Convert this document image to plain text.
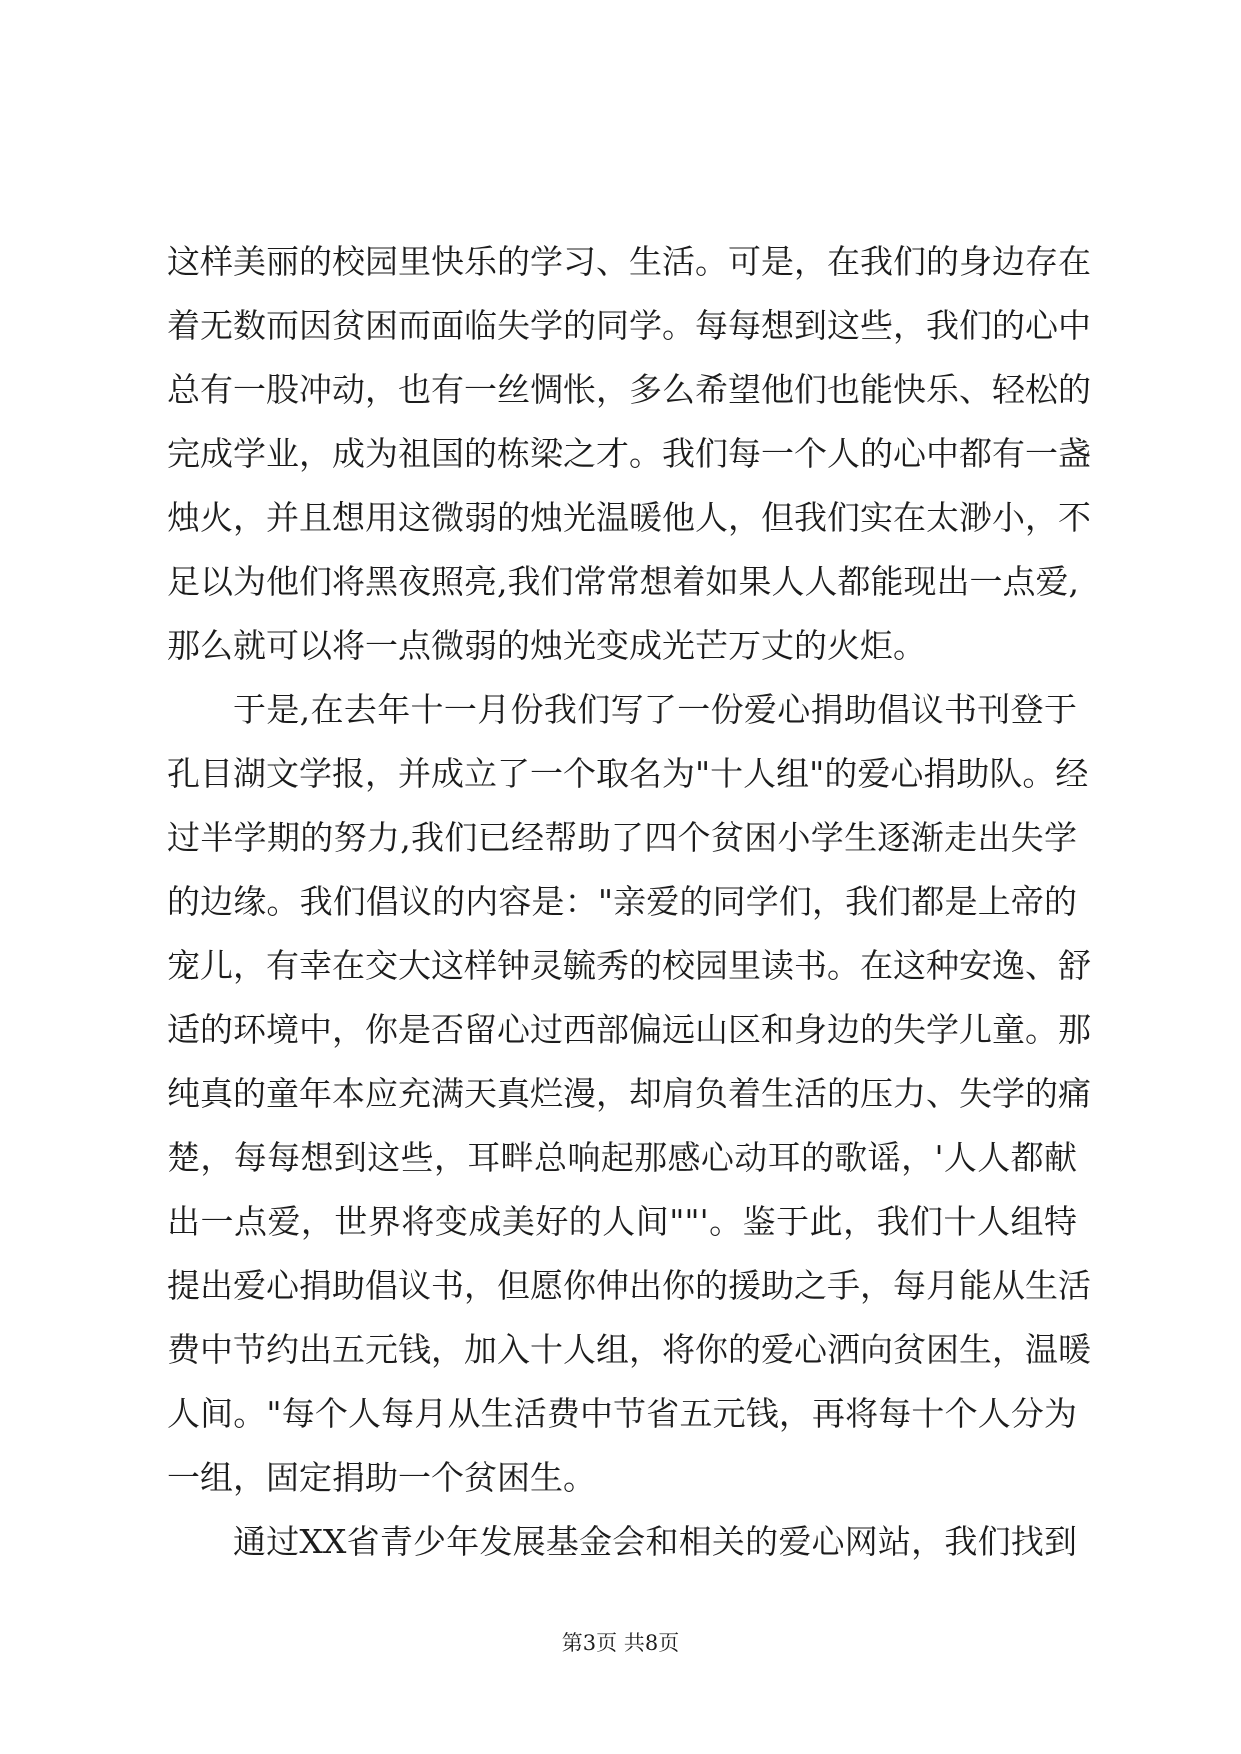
这样美丽的校园里快乐的学习、生活。可是，在我们的身边存在
着无数而因贫困而面临失学的同学。每每想到这些，我们的心中
总有一股冲动，也有一丝惆怅，多么希望他们也能快乐、轻松的
完成学业，成为祖国的栋梁之才。我们每一个人的心中都有一盏
烛火，并且想用这微弱的烛光温暖他人，但我们实在太渺小，不
足以为他们将黑夜照亮,我们常常想着如果人人都能现出一点爱,
那么就可以将一点微弱的烛光变成光芒万丈的火炬。
于是,在去年十一月份我们写了一份爱心捐助倡议书刊登于
孔目湖文学报，并成立了一个取名为"十人组"的爱心捐助队。经
过半学期的努力,我们已经帮助了四个贫困小学生逐渐走出失学
的边缘。我们倡议的内容是："亲爱的同学们，我们都是上帝的
宠儿，有幸在交大这样钟灵毓秀的校园里读书。在这种安逸、舒
适的环境中，你是否留心过西部偏远山区和身边的失学儿童。那
纯真的童年本应充满天真烂漫，却肩负着生活的压力、失学的痛
楚，每每想到这些，耳畔总响起那感心动耳的歌谣，'人人都献
出一点爱，世界将变成美好的人间""'。鉴于此，我们十人组特
提出爱心捐助倡议书，但愿你伸出你的援助之手，每月能从生活
费中节约出五元钱，加入十人组，将你的爱心洒向贫困生，温暖
人间。"每个人每月从生活费中节省五元钱，再将每十个人分为
一组，固定捐助一个贫困生。
通过XX省青少年发展基金会和相关的爱心网站，我们找到
第3页 共8页
